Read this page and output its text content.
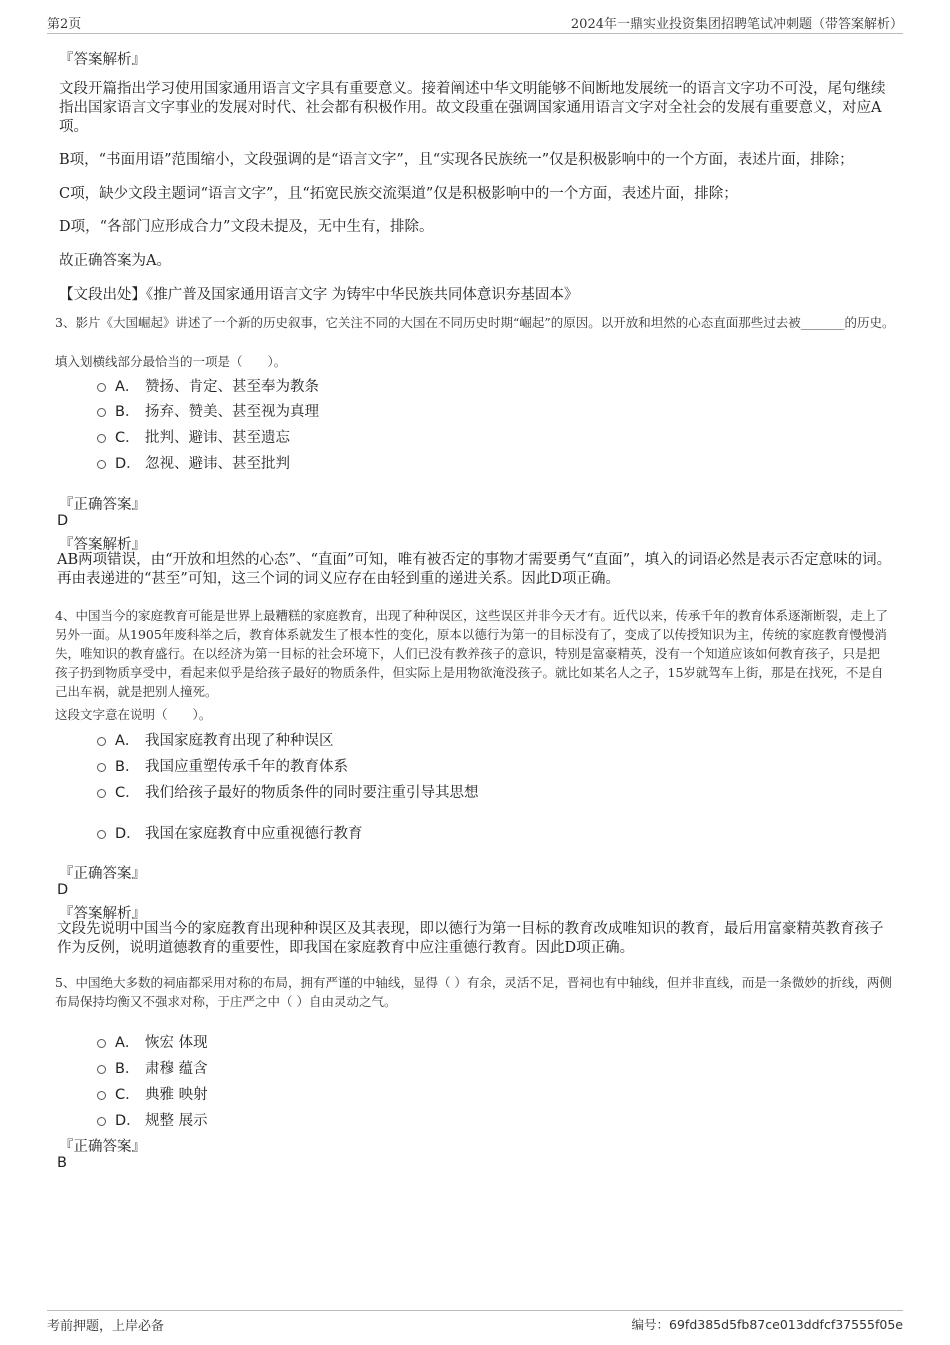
第2页	2024年一鼎实业投资集团招聘笔试冲刺题（带答案解析）
『答案解析』
文段开篇指出学习使用国家通用语言文字具有重要意义。接着阐述中华文明能够不间断地发展统一的语言文字功不可没，尾句继续指出国家语言文字事业的发展对时代、社会都有积极作用。故文段重在强调国家通用语言文字对全社会的发展有重要意义，对应A项。
B项，“书面用语”范围缩小，文段强调的是“语言文字”，且“实现各民族统一”仅是积极影响中的一个方面，表述片面，排除；
C项，缺少文段主题词“语言文字”，且“拓宽民族交流渠道”仅是积极影响中的一个方面，表述片面，排除；
D项，“各部门应形成合力”文段未提及，无中生有，排除。
故正确答案为A。
【文段出处】《推广普及国家通用语言文字 为铸牢中华民族共同体意识夯基固本》
3、影片《大国崛起》讲述了一个新的历史叙事，它关注不同的大国在不同历史时期“崛起”的原因。以开放和坦然的心态直面那些过去被_______的历史。
填入划横线部分最恰当的一项是（　　）。
A． 赞扬、肯定、甚至奉为教条
B． 扬弃、赞美、甚至视为真理
C． 批判、避讳、甚至遗忘
D． 忽视、避讳、甚至批判
『正确答案』
D
『答案解析』
AB两项错误，由“开放和坦然的心态”、“直面”可知，唯有被否定的事物才需要勇气“直面”，填入的词语必然是表示否定意味的词。再由表递进的“甚至”可知，这三个词的词义应存在由轻到重的递进关系。因此D项正确。
4、中国当今的家庭教育可能是世界上最糟糕的家庭教育，出现了种种误区，这些误区并非今天才有。近代以来，传承千年的教育体系逐渐断裂，走上了另外一面。从1905年废科举之后，教育体系就发生了根本性的变化，原本以德行为第一的目标没有了，变成了以传授知识为主，传统的家庭教育慢慢消失，唯知识的教育盛行。在以经济为第一目标的社会环境下，人们已没有教养孩子的意识，特别是富豪精英，没有一个知道应该如何教育孩子，只是把孩子扔到物质享受中，看起来似乎是给孩子最好的物质条件，但实际上是用物欲淹没孩子。就比如某名人之子，15岁就驾车上街，那是在找死，不是自己出车祸，就是把别人撞死。
这段文字意在说明（　　）。
A． 我国家庭教育出现了种种误区
B． 我国应重塑传承千年的教育体系
C． 我们给孩子最好的物质条件的同时要注重引导其思想
D． 我国在家庭教育中应重视德行教育
『正确答案』
D
『答案解析』
文段先说明中国当今的家庭教育出现种种误区及其表现，即以德行为第一目标的教育改成唯知识的教育，最后用富豪精英教育孩子作为反例，说明道德教育的重要性，即我国在家庭教育中应注重德行教育。因此D项正确。
5、中国绝大多数的祠庙都采用对称的布局，拥有严谨的中轴线，显得（ ）有余，灵活不足，晋祠也有中轴线，但并非直线，而是一条微妙的折线，两侧布局保持均衡又不强求对称，于庄严之中（ ）自由灵动之气。
A． 恢宏 体现
B． 肃穆 蕴含
C． 典雅 映射
D． 规整 展示
『正确答案』
B
考前押题，上岸必备	编号：69fd385d5fb87ce013ddfcf37555f05e
